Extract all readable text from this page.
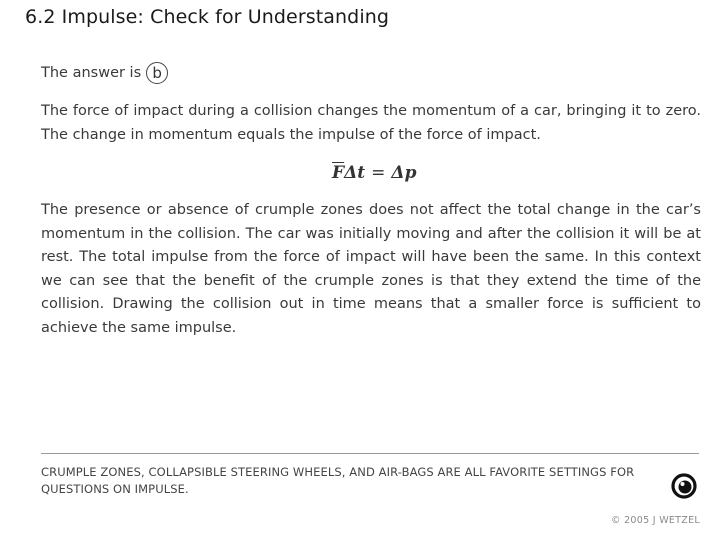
6.2 Impulse: Check for Understanding
The answer is b

The force of impact during a collision changes the momentum of a car, bringing it to zero. The change in momentum equals the impulse of the force of impact.

$\overline{F}\Delta t = \Delta p$

The presence or absence of crumple zones does not affect the total change in the car’s momentum in the collision. The car was initially moving and after the collision it will be at rest. The total impulse from the force of impact will have been the same. In this context we can see that the benefit of the crumple zones is that they extend the time of the collision. Drawing the collision out in time means that a smaller force is sufficient to achieve the same impulse.

CRUMPLE ZONES, COLLAPSIBLE STEERING WHEELS, AND AIR-BAGS ARE ALL FAVORITE SETTINGS FOR QUESTIONS ON IMPULSE.
© 2005 J WETZEL
